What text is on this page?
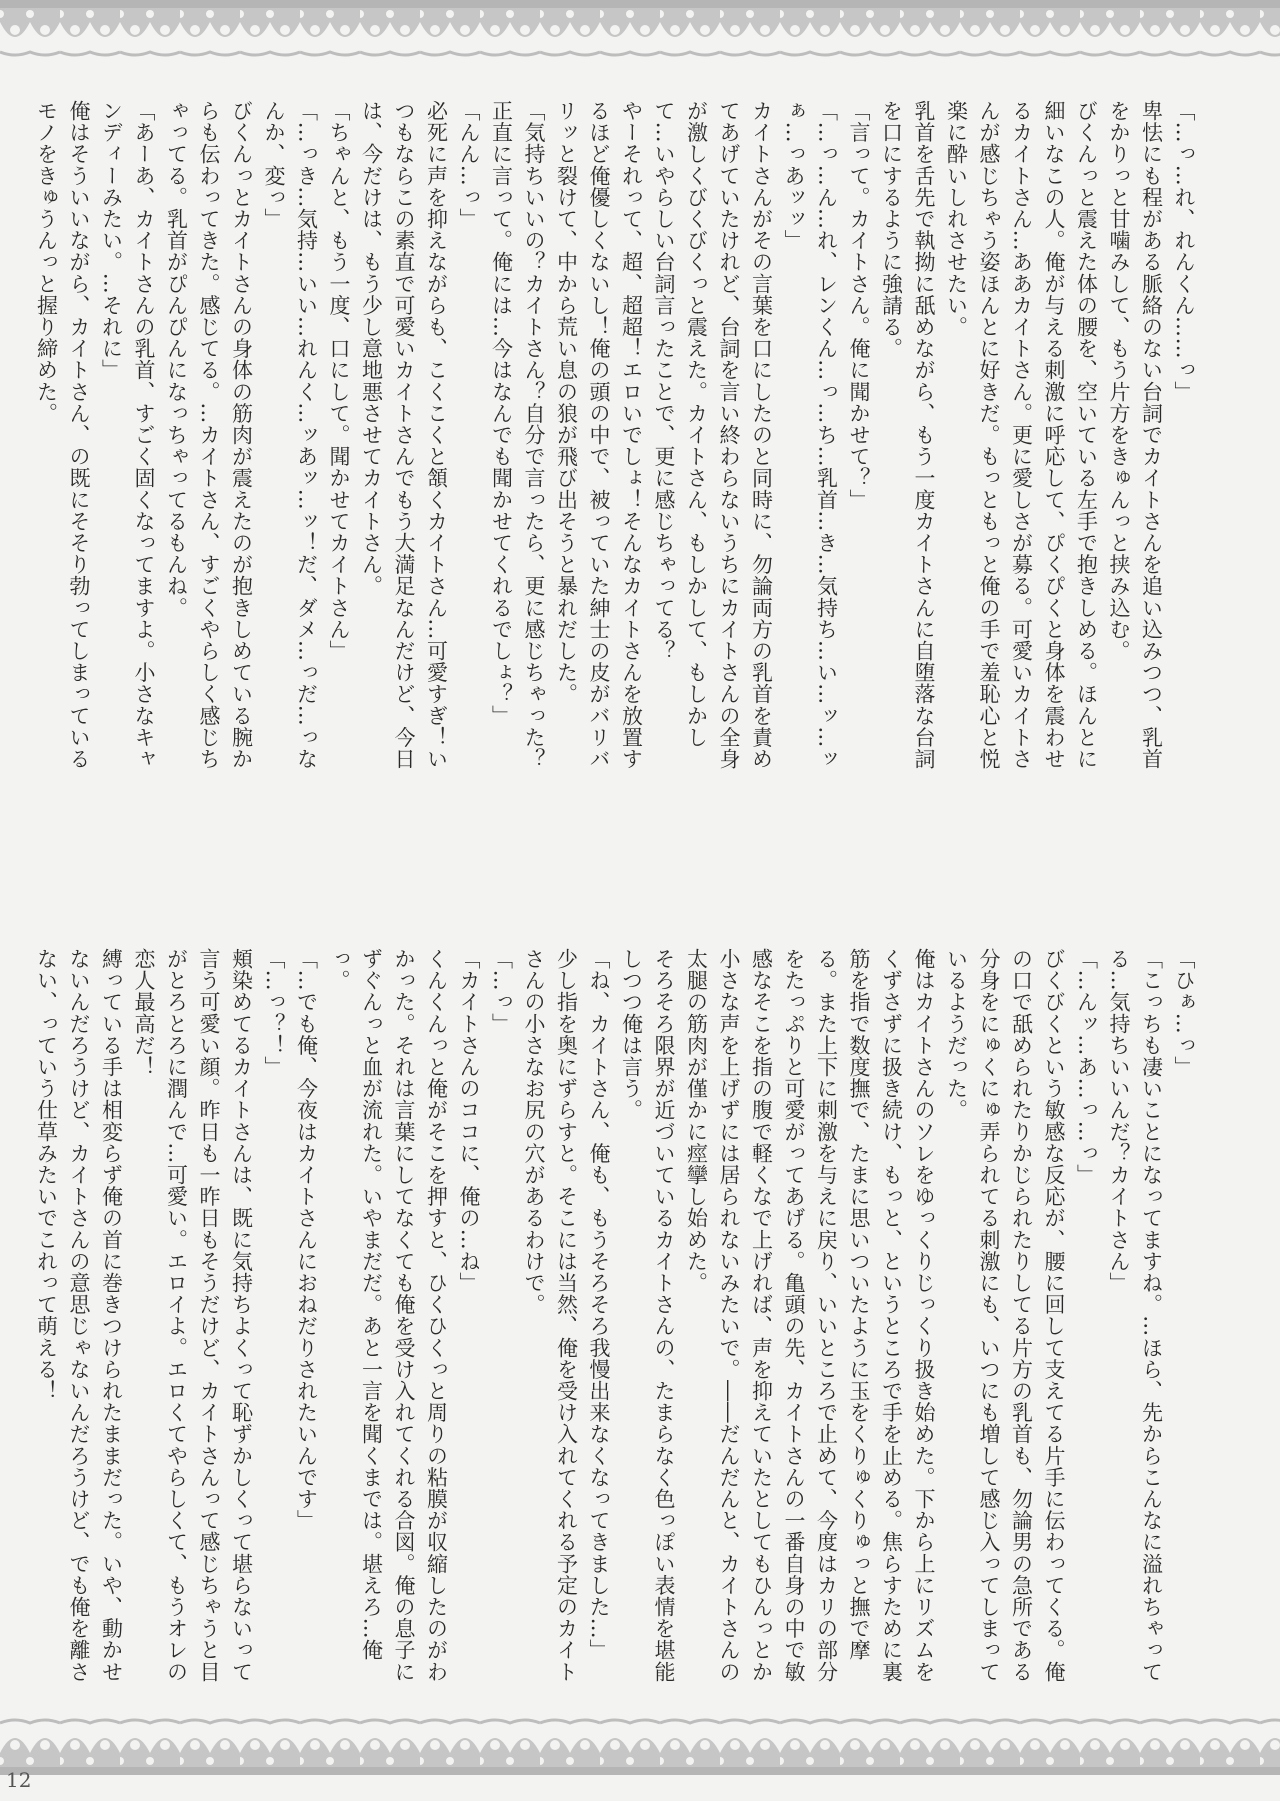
「…っ…れ、れんくん……っ」
卑怯にも程がある脈絡のない台詞でカイトさんを追い込みつつ、乳首をかりっと甘噛みして、もう片方をきゅんっと挟み込む。
びくんっと震えた体の腰を、空いている左手で抱きしめる。ほんとに細いなこの人。俺が与える刺激に呼応して、ぴくぴくと身体を震わせるカイトさん…ああカイトさん。更に愛しさが募る。可愛いカイトさんが感じちゃう姿ほんとに好きだ。もっともっと俺の手で羞恥心と悦楽に酔いしれさせたい。
乳首を舌先で執拗に舐めながら、もう一度カイトさんに自堕落な台詞を口にするように強請る。
「言って。カイトさん。俺に聞かせて？」
「…っ…ん…れ、レンくん…っ…ち…乳首…き…気持ち…い…ッ…ッぁ…っあッッ」
カイトさんがその言葉を口にしたのと同時に、勿論両方の乳首を責めてあげていたけれど、台詞を言い終わらないうちにカイトさんの全身が激しくびくびくっと震えた。カイトさん、もしかして、もしかして…いやらしい台詞言ったことで、更に感じちゃってる？
やーそれって、超、超超！エロいでしょ！そんなカイトさんを放置するほど俺優しくないし！俺の頭の中で、被っていた紳士の皮がバリバリッと裂けて、中から荒い息の狼が飛び出そうと暴れだした。
「気持ちいいの？カイトさん？自分で言ったら、更に感じちゃった？正直に言って。俺には…今はなんでも聞かせてくれるでしょ？」
「んん…っ」
必死に声を抑えながらも、こくこくと頷くカイトさん…可愛すぎ！いつもならこの素直で可愛いカイトさんでもう大満足なんだけど、今日は、今だけは、もう少し意地悪させてカイトさん。
「ちゃんと、もう一度、口にして。聞かせてカイトさん」
「…っき…気持…いい…れんく…ッあッ…ッ！だ、ダメ…っだ…っなんか、変っ」
びくんっとカイトさんの身体の筋肉が震えたのが抱きしめている腕からも伝わってきた。感じてる。…カイトさん、すごくやらしく感じちゃってる。乳首がぴんぴんになっちゃってるもんね。
「あーあ、カイトさんの乳首、すごく固くなってますよ。小さなキャンディーみたい。…それに」
俺はそういいながら、カイトさん、の既にそそり勃ってしまっているモノをきゅうんっと握り締めた。
「ひぁ…っ」
「こっちも凄いことになってますね。…ほら、先からこんなに溢れちゃってる…気持ちいいんだ？カイトさん」
「…んッ…あ…っ…っ」
びくびくという敏感な反応が、腰に回して支えてる片手に伝わってくる。俺の口で舐められたりかじられたりしてる片方の乳首も、勿論男の急所である分身をにゅくにゅ弄られてる刺激にも、いつにも増して感じ入ってしまっているようだった。
俺はカイトさんのソレをゆっくりじっくり扱き始めた。下から上にリズムをくずさずに扱き続け、もっと、というところで手を止める。焦らすために裏筋を指で数度撫で、たまに思いついたように玉をくりゅくりゅっと撫で摩る。また上下に刺激を与えに戻り、いいところで止めて、今度はカリの部分をたっぷりと可愛がってあげる。亀頭の先、カイトさんの一番自身の中で敏感なそこを指の腹で軽くなで上げれば、声を抑えていたとしてもひんっとか小さな声を上げずには居られないみたいで。――だんだんと、カイトさんの太腿の筋肉が僅かに痙攣し始めた。
そろそろ限界が近づいているカイトさんの、たまらなく色っぽい表情を堪能しつつ俺は言う。
「ね、カイトさん、俺も、もうそろそろ我慢出来なくなってきました…」
少し指を奥にずらすと。そこには当然、俺を受け入れてくれる予定のカイトさんの小さなお尻の穴があるわけで。
「…っ」
「カイトさんのココに、俺の…ね」
くんくんっと俺がそこを押すと、ひくひくっと周りの粘膜が収縮したのがわかった。それは言葉にしてなくても俺を受け入れてくれる合図。俺の息子にずぐんっと血が流れた。いやまだだ。あと一言を聞くまでは。堪えろ…俺っ。
「…でも俺、今夜はカイトさんにおねだりされたいんです」
「…っ？！」
頬染めてるカイトさんは、既に気持ちよくって恥ずかしくって堪らないって言う可愛い顔。昨日も一昨日もそうだけど、カイトさんって感じちゃうと目がとろとろに潤んで…可愛い。エロイよ。エロくてやらしくて、もうオレの恋人最高だ！
縛っている手は相変らず俺の首に巻きつけられたままだった。いや、動かせないんだろうけど、カイトさんの意思じゃないんだろうけど、でも俺を離さない、っていう仕草みたいでこれって萌える！
12
